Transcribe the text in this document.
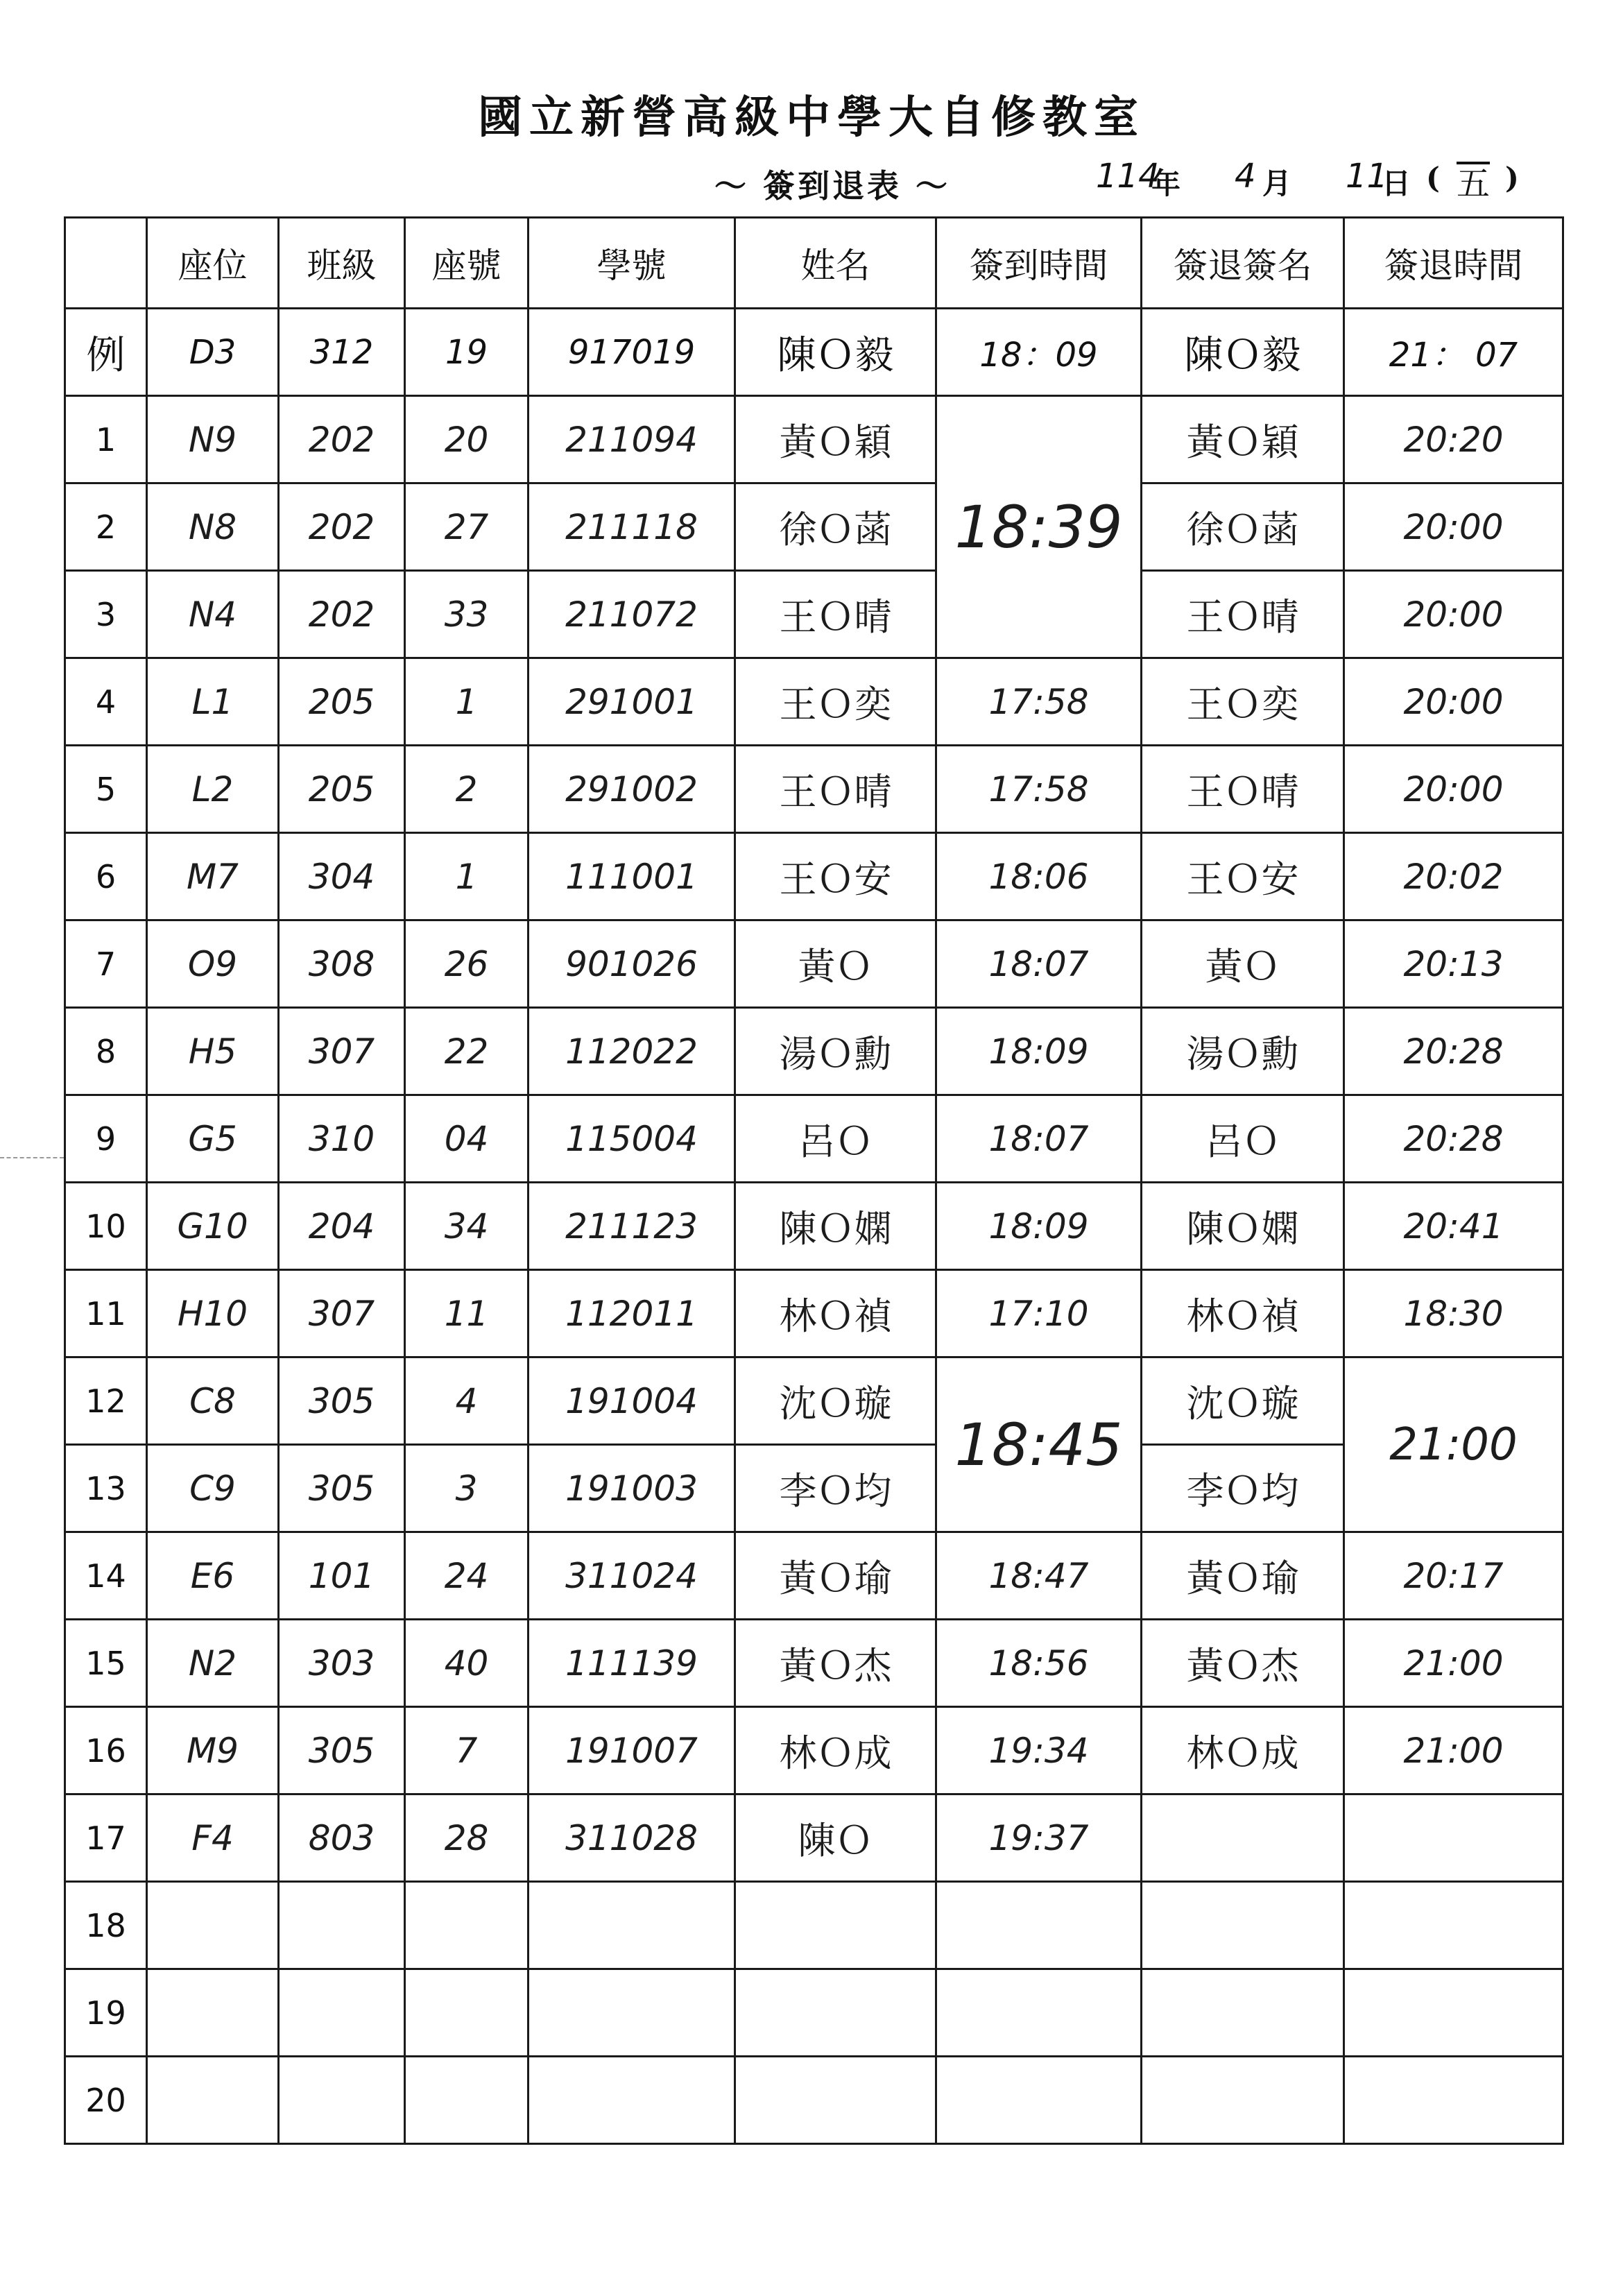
國立新營高級中學大自修教室
～ 簽到退表 ～	114
年 4 月 11
日 ( 五 )
	座位	班級	座號	學號	姓名	簽到時間	簽退簽名	簽退時間
例	D3	312	19	917019	陳Ｏ毅	18：09	陳Ｏ毅	21： 07
1	N9	202	20	211094	黃Ｏ穎	18:39	黃Ｏ穎	20:20
2	N8	202	27	211118	徐Ｏ菡		徐Ｏ菡	20:00
3	N4	202	33	211072	王Ｏ晴		王Ｏ晴	20:00
4	L1	205	1	291001	王Ｏ奕	17:58	王Ｏ奕	20:00
5	L2	205	2	291002	王Ｏ晴	17:58	王Ｏ晴	20:00
6	M7	304	1	111001	王Ｏ安	18:06	王Ｏ安	20:02
7	O9	308	26	901026	黃Ｏ	18:07	黃Ｏ	20:13
8	H5	307	22	112022	湯Ｏ勳	18:09	湯Ｏ勳	20:28
9	G5	310	04	115004	呂Ｏ	18:07	呂Ｏ	20:28
10	G10	204	34	211123	陳Ｏ嫻	18:09	陳Ｏ嫻	20:41
11	H10	307	11	112011	林Ｏ禎	17:10	林Ｏ禎	18:30
12	C8	305	4	191004	沈Ｏ璇	18:45	沈Ｏ璇	21:00
13	C9	305	3	191003	李Ｏ均		李Ｏ均	
14	E6	101	24	311024	黃Ｏ瑜	18:47	黃Ｏ瑜	20:17
15	N2	303	40	111139	黃Ｏ杰	18:56	黃Ｏ杰	21:00
16	M9	305	7	191007	林Ｏ成	19:34	林Ｏ成	21:00
17	F4	803	28	311028	陳Ｏ	19:37		
18								
19								
20								
